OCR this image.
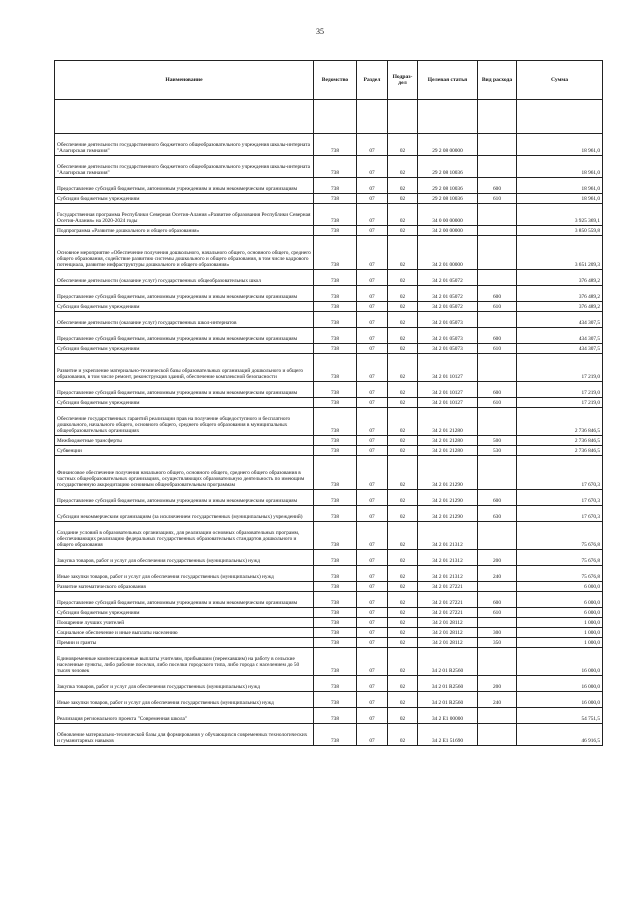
35
Наименование	Ведомство	Раздел	Подраз-дел	Целевая статья	Вид расхода	Сумма

Обеспечение деятельности государственного бюджетного общеобразовательного учреждения школы-интерната "Алагирская гимназия"	738	07	02	29 2 08 00000		18 961,0
Обеспечение деятельности государственного бюджетного общеобразовательного учреждения школы-интерната "Алагирская гимназия"	738	07	02	29 2 08 10036		18 961,0
Предоставление субсидий бюджетным, автономным учреждениям и иным некоммерческим организациям	738	07	02	29 2 08 10036	600	18 961,0
Субсидии бюджетным учреждениям	738	07	02	29 2 08 10036	610	18 961,0
Государственная программа Республики Северная Осетия-Алания «Развитие образования Республики Северная Осетия-Алания» на 2020-2024 годы	738	07	02	34 0 00 00000		3 925 369,1
Подпрограмма «Развитие дошкольного и общего образования»	738	07	02	34 2 00 00000		3 850 559,8
Основное мероприятие «Обеспечение получения дошкольного, начального общего, основного общего, среднего общего образования, содействие развитию системы дошкольного и общего образования, в том числе кадрового потенциала, развитие инфраструктуры дошкольного и общего образования»	738	07	02	34 2 01 00000		3 651 209,3
Обеспечение деятельности (оказание услуг) государственных общеобразовательных школ	738	07	02	34 2 01 05072		376 489,2
Предоставление субсидий бюджетным, автономным учреждениям и иным некоммерческим организациям	738	07	02	34 2 01 05072	600	376 489,2
Субсидии бюджетным учреждениям	738	07	02	34 2 01 05072	610	376 489,2
Обеспечение деятельности (оказание услуг) государственных школ-интернатов	738	07	02	34 2 01 05073		434 307,5
Предоставление субсидий бюджетным, автономным учреждениям и иным некоммерческим организациям	738	07	02	34 2 01 05073	600	434 307,5
Субсидии бюджетным учреждениям	738	07	02	34 2 01 05073	610	434 307,5
Развитие и укрепление материально-технической базы образовательных организаций дошкольного и общего образования, в том числе ремонт, реконструкция зданий, обеспечение комплексной безопасности	738	07	02	34 2 01 10127		17 219,0
Предоставление субсидий бюджетным, автономным учреждениям и иным некоммерческим организациям	738	07	02	34 2 01 10127	600	17 219,0
Субсидии бюджетным учреждениям	738	07	02	34 2 01 10127	610	17 219,0
Обеспечение государственных гарантий реализации прав на получение общедоступного и бесплатного дошкольного, начального общего, основного общего, среднего общего образования в муниципальных общеобразовательных организациях	738	07	02	34 2 01 21280		2 736 846,5
Межбюджетные трансферты	738	07	02	34 2 01 21280	500	2 736 846,5
Субвенции	738	07	02	34 2 01 21280	530	2 736 846,5
Финансовое обеспечение получения начального общего, основного общего, среднего общего образования в частных общеобразовательных организациях, осуществляющих образовательную деятельность по имеющим государственную аккредитацию основным общеобразовательным программам	738	07	02	34 2 01 21290		17 670,3
Предоставление субсидий бюджетным, автономным учреждениям и иным некоммерческим организациям	738	07	02	34 2 01 21290	600	17 670,3
Субсидии некоммерческим организациям (за исключением государственных (муниципальных) учреждений)	738	07	02	34 2 01 21290	630	17 670,3
Создание условий в образовательных организациях, для реализации основных образовательных программ, обеспечивающих реализацию федеральных государственных образовательных стандартов дошкольного и общего образования	738	07	02	34 2 01 21312		75 676,8
Закупка товаров, работ и услуг для обеспечения государственных (муниципальных) нужд	738	07	02	34 2 01 21312	200	75 676,8
Иные закупки товаров, работ и услуг для обеспечения государственных (муниципальных) нужд	738	07	02	34 2 01 21312	240	75 676,8
Развитие математического образования	738	07	02	34 2 01 27221		6 000,0
Предоставление субсидий бюджетным, автономным учреждениям и иным некоммерческим организациям	738	07	02	34 2 01 27221	600	6 000,0
Субсидии бюджетным учреждениям	738	07	02	34 2 01 27221	610	6 000,0
Поощрение лучших учителей	738	07	02	34 2 01 28112		1 000,0
Социальное обеспечение и иные выплаты населению	738	07	02	34 2 01 28112	300	1 000,0
Премии и гранты	738	07	02	34 2 01 28112	350	1 000,0
Единовременные компенсационные выплаты учителям, прибывшим (переехавшим) на работу в сельские населенные пункты, либо рабочие поселки, либо поселки городского типа, либо города с населением до 50 тысяч человек	738	07	02	34 2 01 R2560		16 000,0
Закупка товаров, работ и услуг для обеспечения государственных (муниципальных) нужд	738	07	02	34 2 01 R2560	200	16 000,0
Иные закупки товаров, работ и услуг для обеспечения государственных (муниципальных) нужд	738	07	02	34 2 01 R2560	240	16 000,0
Реализация регионального проекта "Современная школа"	738	07	02	34 2 E1 00000		54 751,5
Обновление материально-технической базы для формирования у обучающихся современных технологических и гуманитарных навыков	738	07	02	34 2 E1 51690		46 916,5
